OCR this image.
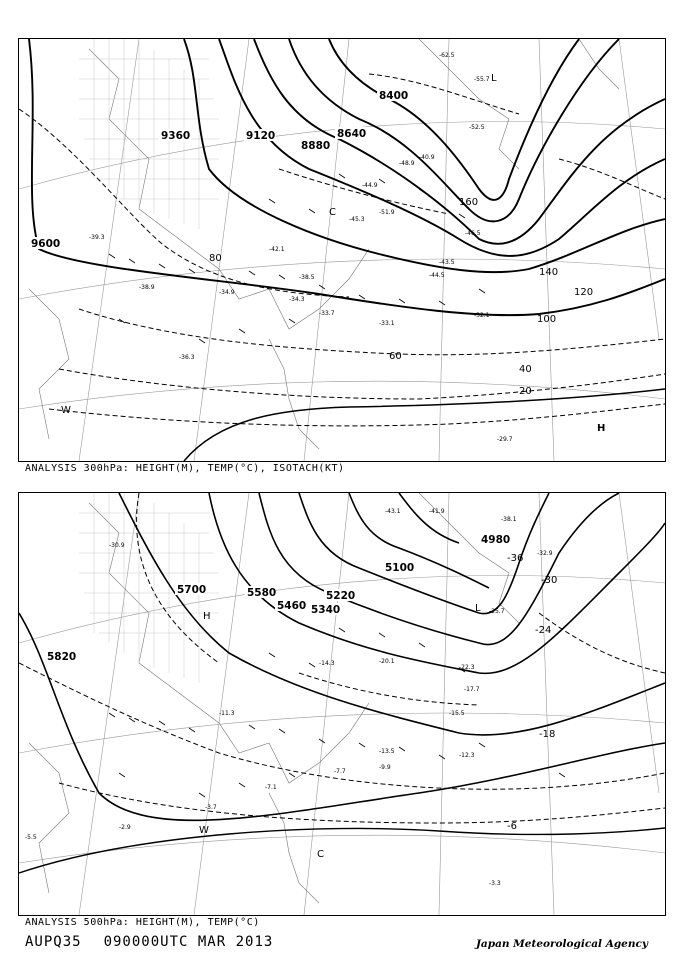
9600
9360	9120
8880
8640
8400
20
40
60
80
100
120
140
160
-29.7
-32.1
-33.1
-33.7
-34.3
-34.9
-36.3
-38.5
-38.9
-39.3
-40.9
-42.1
-43.5
-44.5
-44.9
-45.3
-46.5
-48.9
-51.9
-52.5
-55.7
-62.5
H
L
C
W
ANALYSIS 300hPa: HEIGHT(M), TEMP(°C), ISOTACH(KT)
5820
5700	5580
5460 5340
5220
5100
4980
-18
-6
-24
-30
-36
-2.9
-3.3
-3.7
-5.5
-7.1
-7.7
-9.9
-11.3
-12.3
-13.5
-14.3
-15.5
-17.7
-20.1
-22.3
-25.7
-30.9
-32.9
-38.1
-41.9
-43.1
H
L
C
W
ANALYSIS 500hPa: HEIGHT(M), TEMP(°C)
AUPQ35 090000UTC MAR 2013	Japan Meteorological Agency
